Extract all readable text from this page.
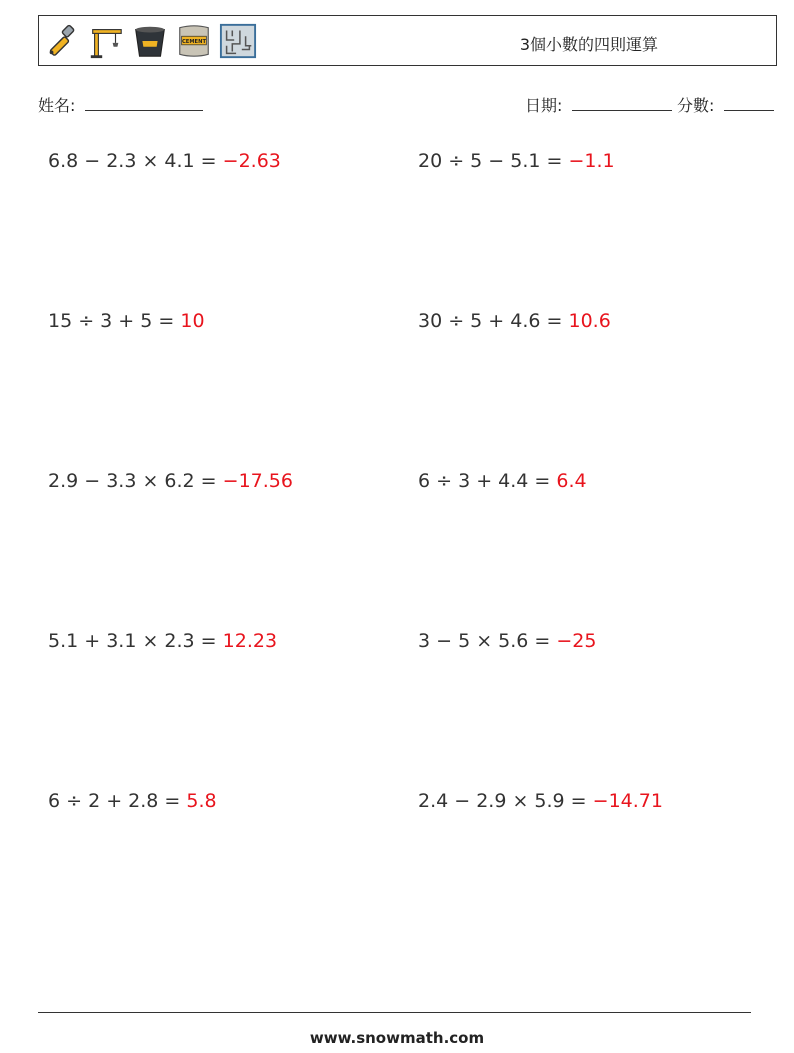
CEMENT	3個小數的四則運算
姓名:	日期:	分數:
6.8 − 2.3 × 4.1 = −2.63	20 ÷ 5 − 5.1 = −1.1
15 ÷ 3 + 5 = 10	30 ÷ 5 + 4.6 = 10.6
2.9 − 3.3 × 6.2 = −17.56	6 ÷ 3 + 4.4 = 6.4
5.1 + 3.1 × 2.3 = 12.23	3 − 5 × 5.6 = −25
6 ÷ 2 + 2.8 = 5.8	2.4 − 2.9 × 5.9 = −14.71
www.snowmath.com
